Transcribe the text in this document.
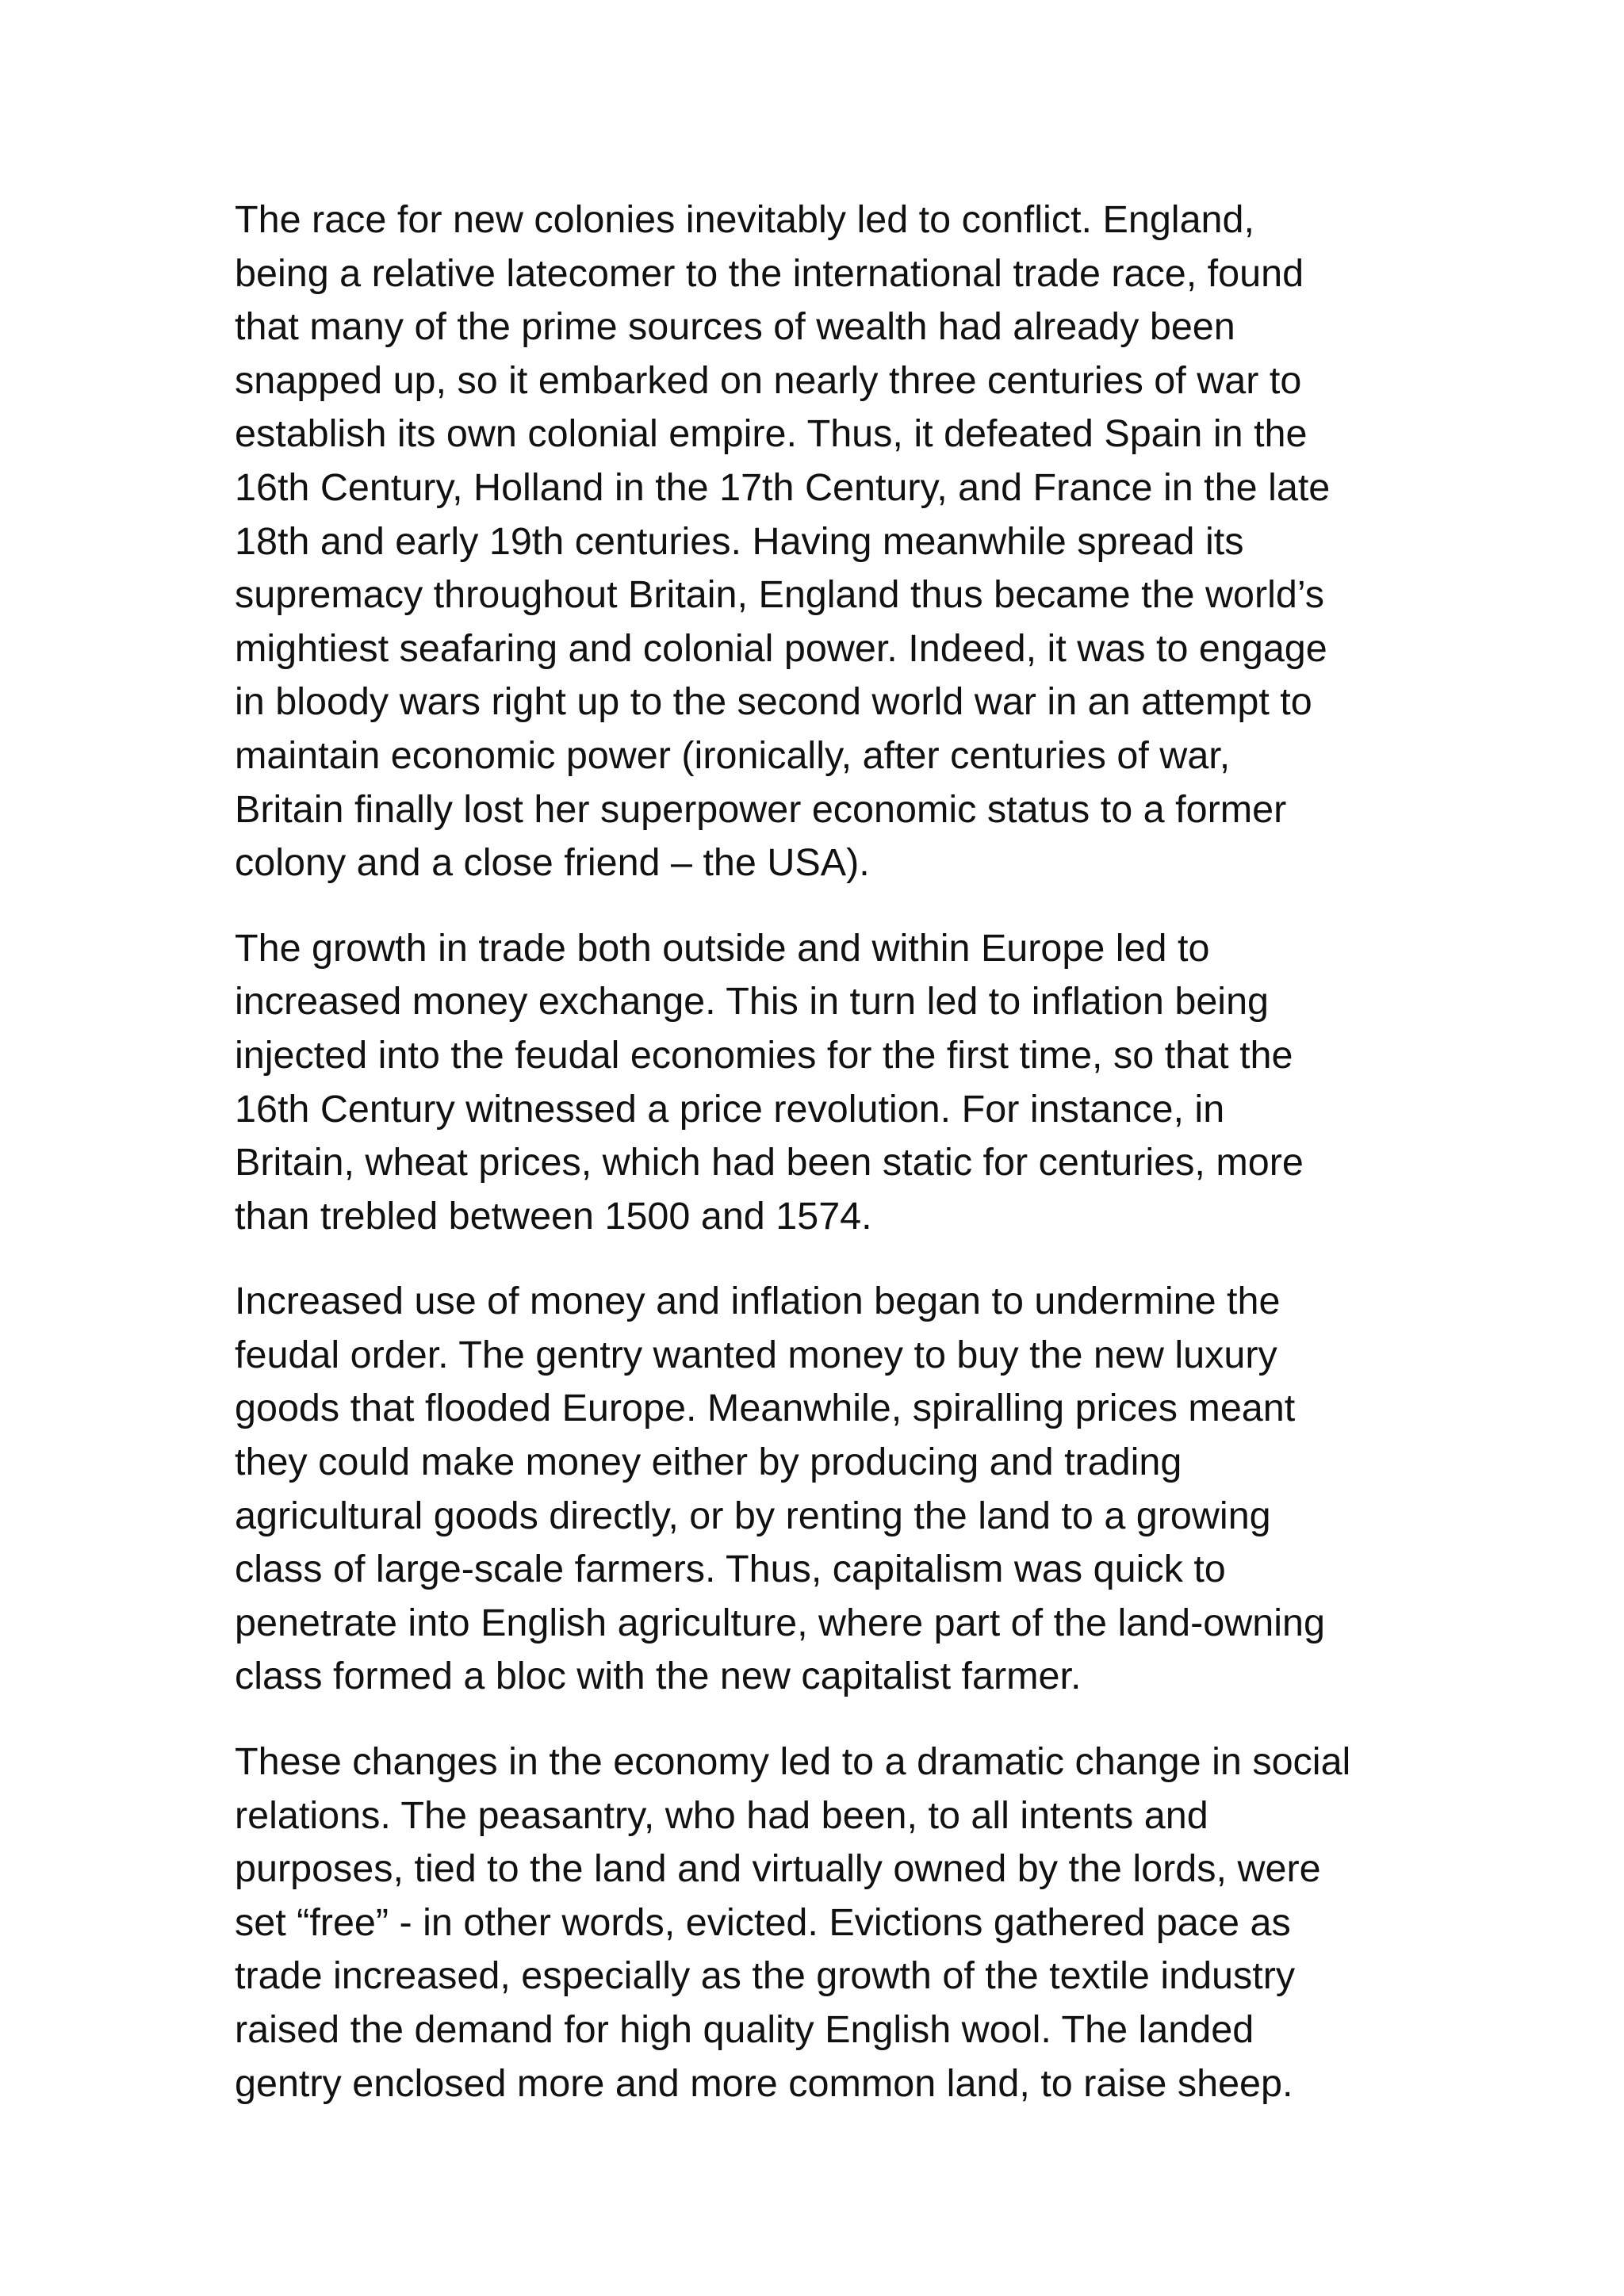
The race for new colonies inevitably led to conflict. England,
being a relative latecomer to the international trade race, found
that many of the prime sources of wealth had already been
snapped up, so it embarked on nearly three centuries of war to
establish its own colonial empire. Thus, it defeated Spain in the
16th Century, Holland in the 17th Century, and France in the late
18th and early 19th centuries. Having meanwhile spread its
supremacy throughout Britain, England thus became the world’s
mightiest seafaring and colonial power. Indeed, it was to engage
in bloody wars right up to the second world war in an attempt to
maintain economic power (ironically, after centuries of war,
Britain finally lost her superpower economic status to a former
colony and a close friend – the USA).

The growth in trade both outside and within Europe led to
increased money exchange. This in turn led to inflation being
injected into the feudal economies for the first time, so that the
16th Century witnessed a price revolution. For instance, in
Britain, wheat prices, which had been static for centuries, more
than trebled between 1500 and 1574.

Increased use of money and inflation began to undermine the
feudal order. The gentry wanted money to buy the new luxury
goods that flooded Europe. Meanwhile, spiralling prices meant
they could make money either by producing and trading
agricultural goods directly, or by renting the land to a growing
class of large-scale farmers. Thus, capitalism was quick to
penetrate into English agriculture, where part of the land-owning
class formed a bloc with the new capitalist farmer.

These changes in the economy led to a dramatic change in social
relations. The peasantry, who had been, to all intents and
purposes, tied to the land and virtually owned by the lords, were
set “free” - in other words, evicted. Evictions gathered pace as
trade increased, especially as the growth of the textile industry
raised the demand for high quality English wool. The landed
gentry enclosed more and more common land, to raise sheep.
